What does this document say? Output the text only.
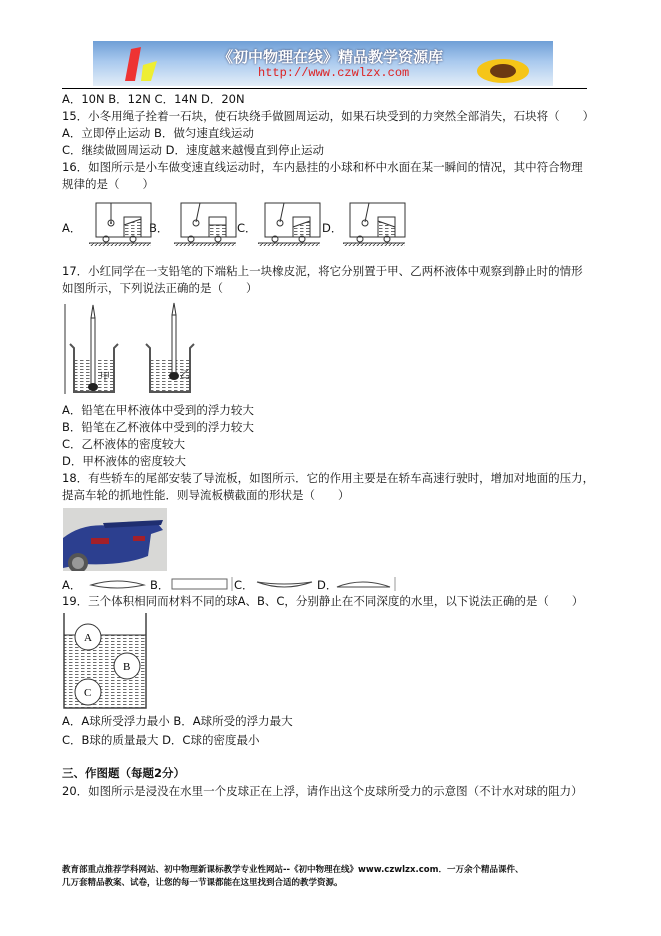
《初中物理在线》精品教学资源库
http://www.czwlzx.com
A．10N B．12N C．14N D．20N
15．小冬用绳子拴着一石块，使石块绕手做圆周运动，如果石块受到的力突然全部消失，石块将（　　）
A．立即停止运动 B．做匀速直线运动
C．继续做圆周运动 D．速度越来越慢直到停止运动
16．如图所示是小车做变速直线运动时，车内悬挂的小球和杯中水面在某一瞬间的情况，其中符合物理
规律的是（　　）
A．	B．	C．	D．
17．小红同学在一支铅笔的下端粘上一块橡皮泥，将它分别置于甲、乙两杯液体中观察到静止时的情形
如图所示，下列说法正确的是（　　）
甲	乙
A．铅笔在甲杯液体中受到的浮力较大
B．铅笔在乙杯液体中受到的浮力较大
C．乙杯液体的密度较大
D．甲杯液体的密度较大
18．有些轿车的尾部安装了导流板，如图所示．它的作用主要是在轿车高速行驶时，增加对地面的压力，
提高车轮的抓地性能．则导流板横截面的形状是（　　）
A．	B．	C．	D．
19．三个体积相同而材料不同的球A、B、C，分别静止在不同深度的水里，以下说法正确的是（　　）
A
B
C
A．A球所受浮力最小 B．A球所受的浮力最大
C．B球的质量最大 D．C球的密度最小
三、作图题（每题2分）
20．如图所示是浸没在水里一个皮球正在上浮，请作出这个皮球所受力的示意图（不计水对球的阻力）
教育部重点推荐学科网站、初中物理新课标教学专业性网站--《初中物理在线》www.czwlzx.com．一万余个精品课件、
几万套精品教案、试卷，让您的每一节课都能在这里找到合适的教学资源。
